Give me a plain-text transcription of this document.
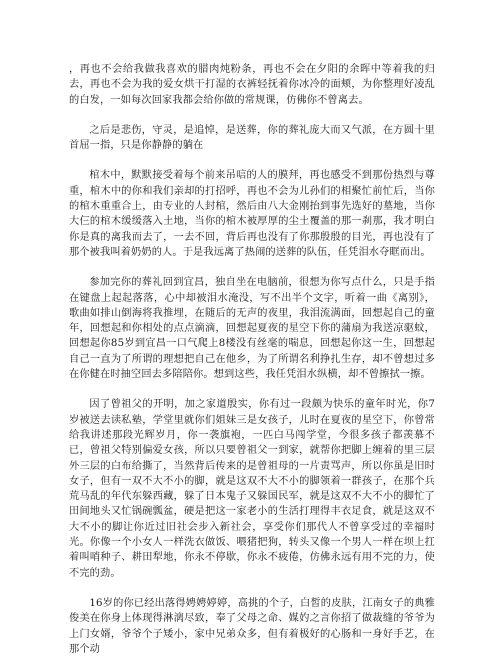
，再也不会给我做我喜欢的腊肉炖粉条，再也不会在夕阳的余晖中等着我的归去，再也不会为我的爱女烘干打湿的衣裤轻抚着你冰冷的面颊，为你整理好凌乱的白发，一如每次回家我都会给你做的常规课，仿佛你不曾离去。

之后是悲伤，守灵，是追悼，是送葬，你的葬礼庞大而又气派，在方圆十里首屈一指，只是你静静的躺在

棺木中，默默接受着每个前来吊唁的人的膜拜，再也感受不到那份热烈与尊重，棺木中的你和我们亲却的打招呼，再也不会为儿孙们的相聚忙前忙后，当你的棺木重重合上，由专业的人封棺，然后由八大金刚抬到事先选好的墓地，当你大仨的棺木缓缓落入土地，当你的棺木被厚厚的尘土覆盖的那一刹那，我才明白你是真的离我而去了，一去不回，背后再也没有了你那殷殷的目光，再也没有了那个被我叫着奶奶的人。于是我远离了热闹的送葬的队伍，任凭泪水夺眶而出。

参加完你的葬礼回到宜昌，独自坐在电脑前，很想为你写点什么，只是手指在键盘上起起落落，心中却被泪水淹没，写不出半个文字，听着一曲《离别》，歌曲如排山倒海将我推埋，在随后的无声的夜里，我泪流满面，回想起自己的童年，回想起和你相处的点点滴滴，回想起夏夜的星空下你的蒲扇为我送凉驱蚊，回想起你85岁到宜昌一口气爬上8楼没有丝毫的喘息，回想起你这一生，回想起自己一直为了所谓的理想把自己在他乡，为了所谓名利挣扎生存，却不曾想过多在你健在时抽空回去多陪陪你。想到这些，我任凭泪水纵横，却不曾擦拭一擦。

因了曾祖父的开明，加之家道殷实，你有过一段颇为快乐的童年时光，你7岁被送去读私塾，学堂里就你们姐妹三是女孩子，儿时在夏夜的星空下，你曾常给我讲述那段光辉岁月，你一袭旗袍，一匹白马闯学堂，今很多孩子都羡慕不已，曾祖父特别偏爱女孩，所以只要曾祖父一到家，就帮你把脚上缠着的里三层外三层的白布给撕了，当然背后传来的是曾祖母的一片责骂声，所以你虽是旧时女子，但有一双不大不小的脚，就是这双不大不小的脚领着一群孩子，在那个兵荒马乱的年代东躲西藏，躲了日本鬼子又躲国民军，就是这双不大不小的脚忙了田间地头又忙锅碗瓢盆，硬是把这一家老小的生活打理得丰衣足食，就是这双不大不小的脚让你近过旧社会步入新社会，享受你们那代人不曾享受过的幸福时光。你像一个小女人一样洗衣做饭、喂猪把狗，转头又像一个男人一样在坝上扛着叫哨种子、耕田犁地，你永不停歇，你永不疲倦，仿佛永远有用不完的力，使不完的劲。

16岁的你已经出落得娉娉婷婷，高挑的个子，白皙的皮肤，江南女子的典雅俊美在你身上体现得淋漓尽致，奉了父母之命、媒妁之言你招了做裁缝的爷爷为上门女婿，爷爷个子矮小，家中兄弟众多，但有着极好的心肠和一身好手艺，在那个动
